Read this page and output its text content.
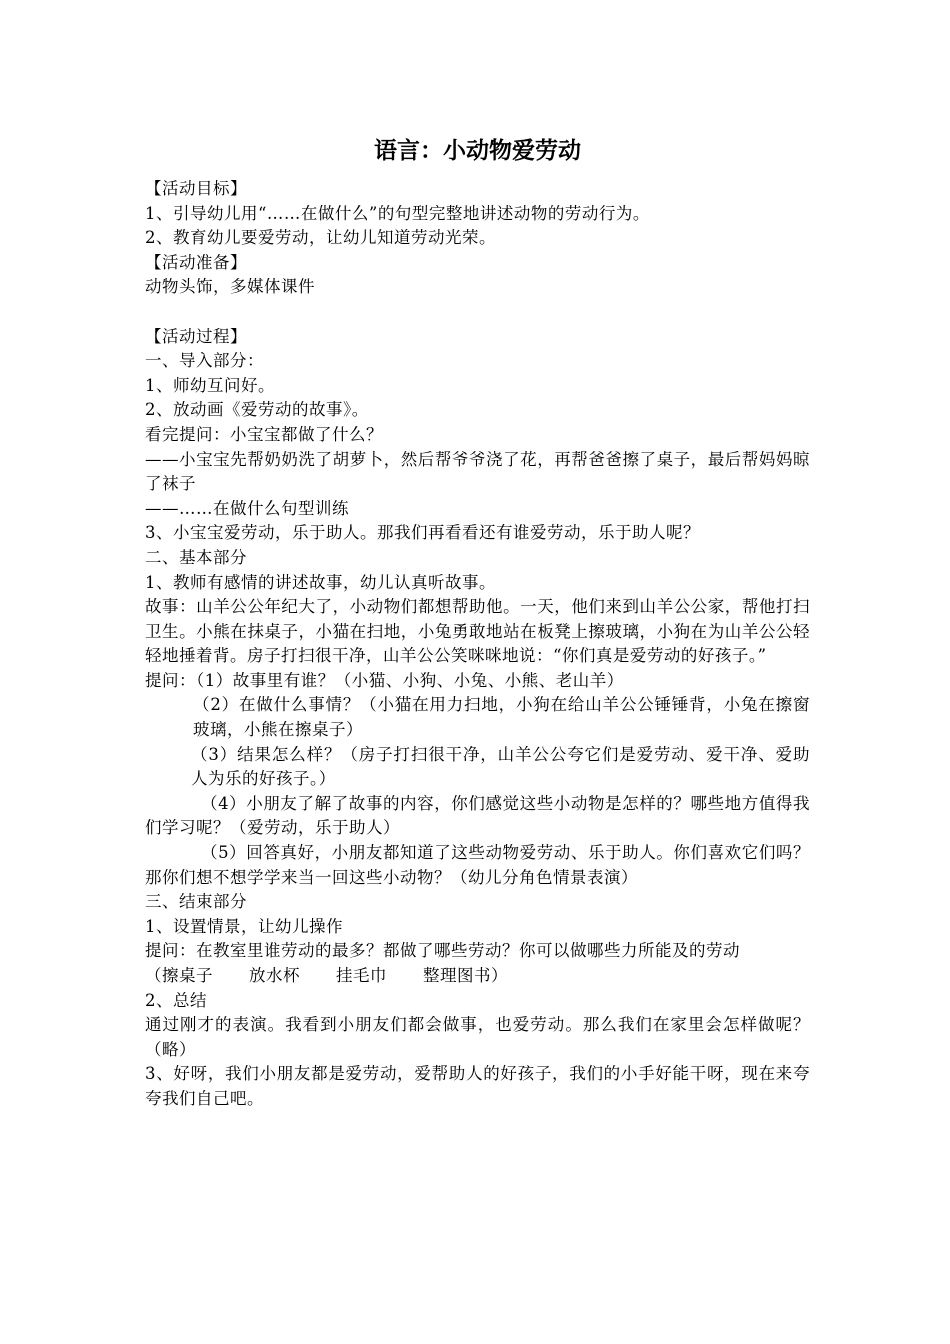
语言：小动物爱劳动
【活动目标】
1、引导幼儿用“……在做什么”的句型完整地讲述动物的劳动行为。
2、教育幼儿要爱劳动，让幼儿知道劳动光荣。
【活动准备】
动物头饰，多媒体课件
【活动过程】
一、导入部分：
1、师幼互问好。
2、放动画《爱劳动的故事》。
看完提问：小宝宝都做了什么？
——小宝宝先帮奶奶洗了胡萝卜，然后帮爷爷浇了花，再帮爸爸擦了桌子，最后帮妈妈晾了袜子
——……在做什么句型训练
3、小宝宝爱劳动，乐于助人。那我们再看看还有谁爱劳动，乐于助人呢？
二、基本部分
1、教师有感情的讲述故事，幼儿认真听故事。
故事：山羊公公年纪大了，小动物们都想帮助他。一天，他们来到山羊公公家，帮他打扫卫生。小熊在抹桌子，小猫在扫地，小兔勇敢地站在板凳上擦玻璃，小狗在为山羊公公轻轻地捶着背。房子打扫很干净，山羊公公笑咪咪地说：“你们真是爱劳动的好孩子。”
提问：（1）故事里有谁？（小猫、小狗、小兔、小熊、老山羊）
（2）在做什么事情？（小猫在用力扫地，小狗在给山羊公公锤锤背，小兔在擦窗玻璃，小熊在擦桌子）
（3）结果怎么样？（房子打扫很干净，山羊公公夸它们是爱劳动、爱干净、爱助人为乐的好孩子。）
（4）小朋友了解了故事的内容，你们感觉这些小动物是怎样的？哪些地方值得我们学习呢？（爱劳动，乐于助人）
（5）回答真好，小朋友都知道了这些动物爱劳动、乐于助人。你们喜欢它们吗？那你们想不想学学来当一回这些小动物？（幼儿分角色情景表演）
三、结束部分
1、设置情景，让幼儿操作
提问：在教室里谁劳动的最多？都做了哪些劳动？你可以做哪些力所能及的劳动
（擦桌子 放水杯 挂毛巾 整理图书）
2、总结
通过刚才的表演。我看到小朋友们都会做事，也爱劳动。那么我们在家里会怎样做呢？（略）
3、好呀，我们小朋友都是爱劳动，爱帮助人的好孩子，我们的小手好能干呀，现在来夸夸我们自己吧。
